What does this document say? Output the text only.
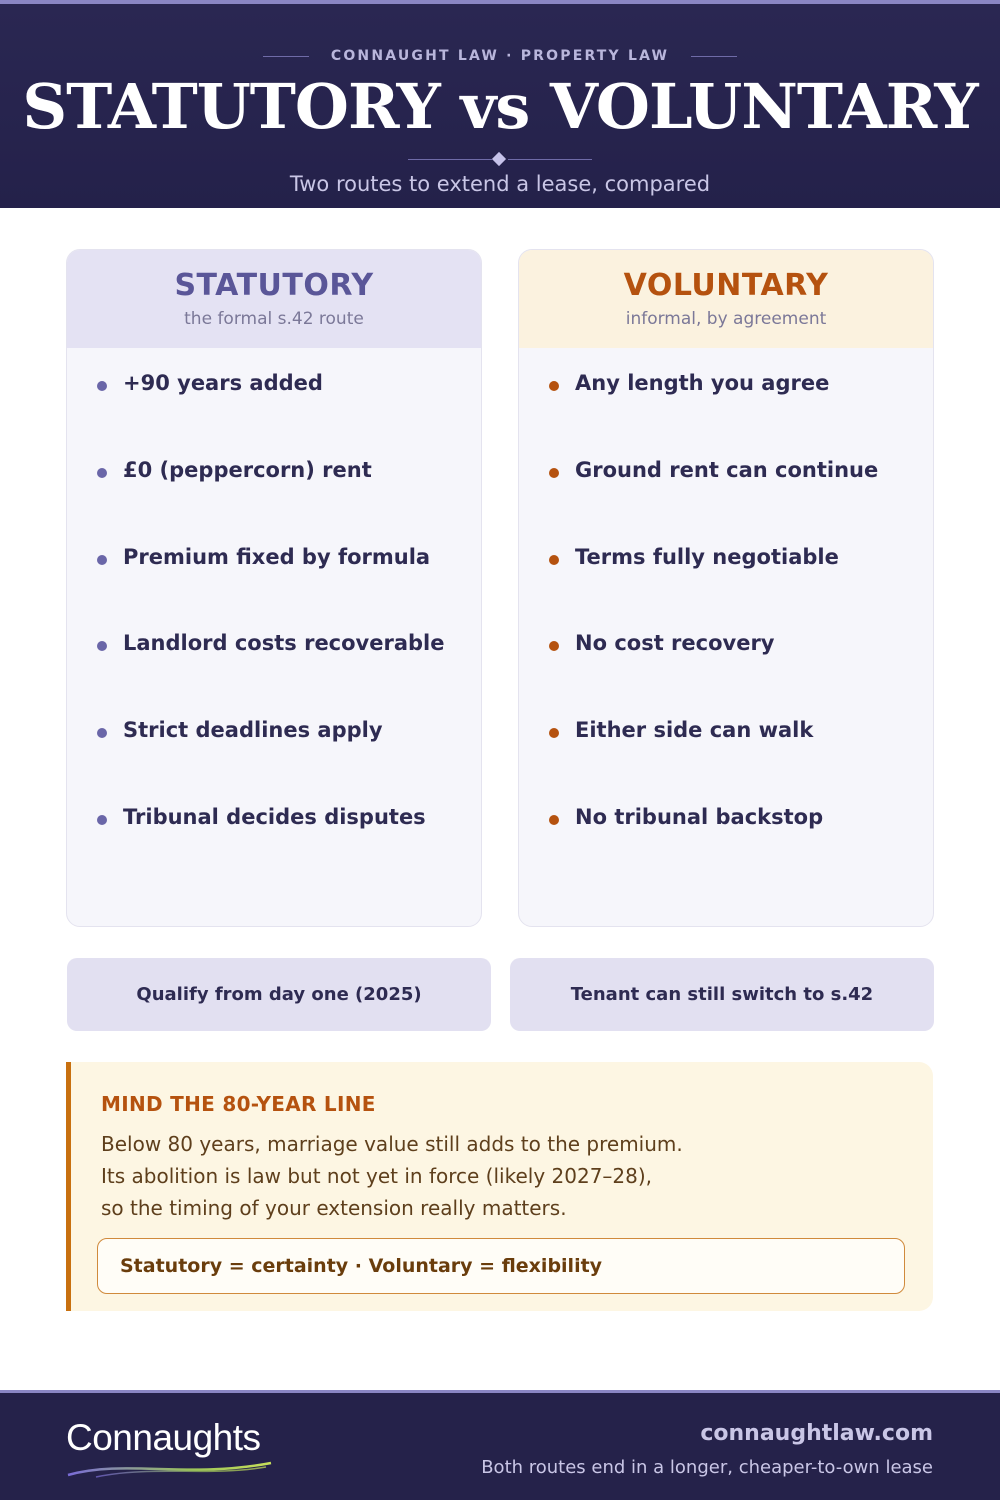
CONNAUGHT LAW · PROPERTY LAW
STATUTORY vs VOLUNTARY
Two routes to extend a lease, compared
STATUTORY
the formal s.42 route
+90 years added
£0 (peppercorn) rent
Premium fixed by formula
Landlord costs recoverable
Strict deadlines apply
Tribunal decides disputes
VOLUNTARY
informal, by agreement
Any length you agree
Ground rent can continue
Terms fully negotiable
No cost recovery
Either side can walk
No tribunal backstop
Qualify from day one (2025)	Tenant can still switch to s.42
MIND THE 80-YEAR LINE
Below 80 years, marriage value still adds to the premium.
Its abolition is law but not yet in force (likely 2027–28),
so the timing of your extension really matters.
Statutory = certainty · Voluntary = flexibility
Connaughts	connaughtlaw.com
Both routes end in a longer, cheaper-to-own lease
